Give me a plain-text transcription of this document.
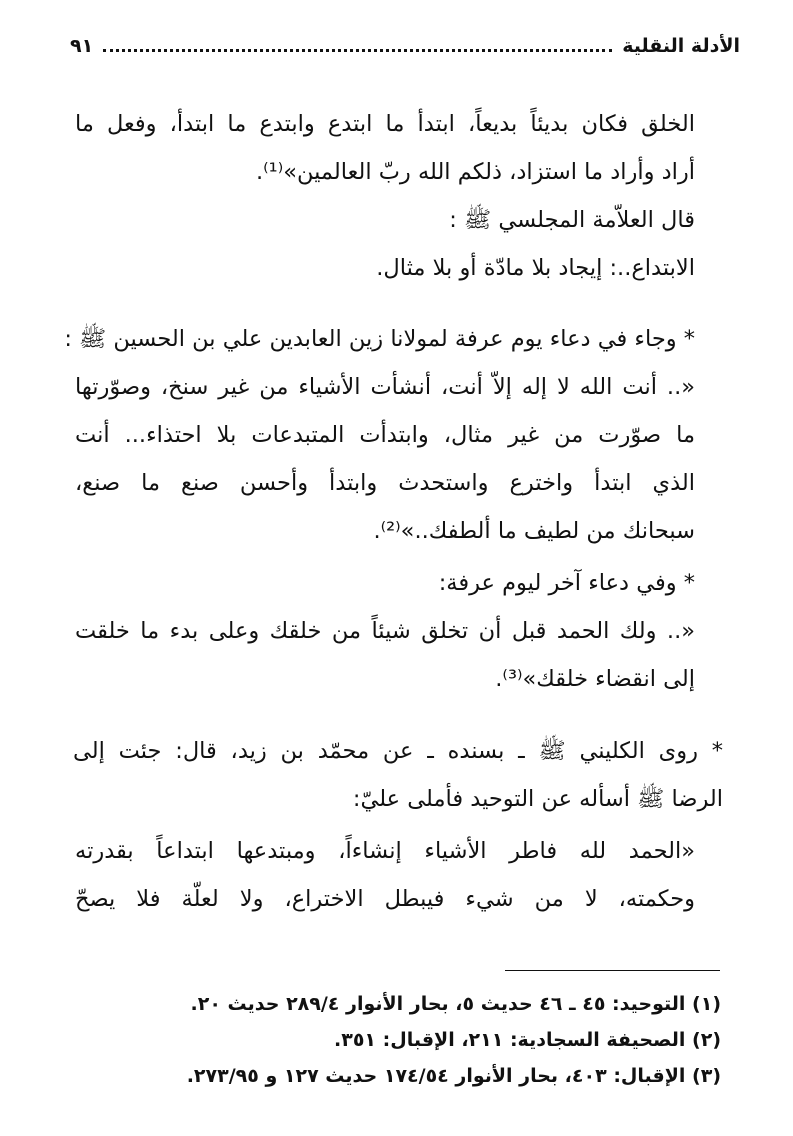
الأدلة النقلية
٩١
الخلق فكان بديئاً بديعاً، ابتدأ ما ابتدع وابتدع ما ابتدأ، وفعل ما
أراد وأراد ما استزاد، ذلكم الله ربّ العالمين»⁽¹⁾.
قال العلاّمة المجلسي ﷺ :
الابتداع..: إيجاد بلا مادّة أو بلا مثال.
* وجاء في دعاء يوم عرفة لمولانا زين العابدين علي بن الحسين ﷺ :
«.. أنت الله لا إله إلاّ أنت، أنشأت الأشياء من غير سنخ، وصوّرتها
ما صوّرت من غير مثال، وابتدأت المتبدعات بلا احتذاء... أنت
الذي ابتدأ واخترع واستحدث وابتدأ وأحسن صنع ما صنع،
سبحانك من لطيف ما ألطفك..»⁽²⁾.
* وفي دعاء آخر ليوم عرفة:
«.. ولك الحمد قبل أن تخلق شيئاً من خلقك وعلى بدء ما خلقت
إلى انقضاء خلقك»⁽³⁾.
* روى الكليني ﷺ ـ بسنده ـ عن محمّد بن زيد، قال: جئت إلى
الرضا ﷺ أسأله عن التوحيد فأملى عليّ:
«الحمد لله فاطر الأشياء إنشاءاً، ومبتدعها ابتداعاً بقدرته
وحكمته، لا من شيء فيبطل الاختراع، ولا لعلّة فلا يصحّ
(١) التوحيد: ٤٥ ـ ٤٦ حديث ٥، بحار الأنوار ٢٨٩/٤ حديث ٢٠.
(٢) الصحيفة السجادية: ٢١١، الإقبال: ٣٥١.
(٣) الإقبال: ٤٠٣، بحار الأنوار ١٧٤/٥٤ حديث ١٢٧ و ٢٧٣/٩٥.
